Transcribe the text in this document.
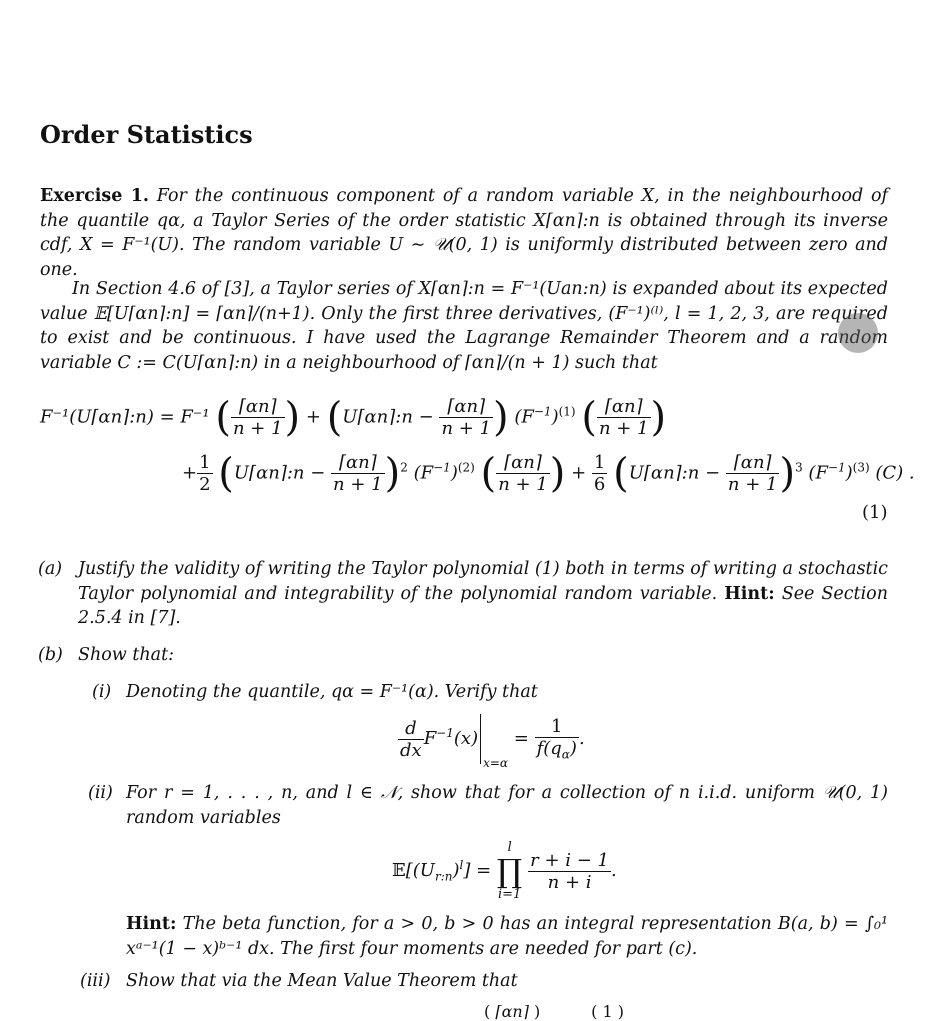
Order Statistics
Exercise 1. For the continuous component of a random variable X, in the neighbourhood of the quantile qα, a Taylor Series of the order statistic X⌈αn⌉:n is obtained through its inverse cdf, X = F⁻¹(U). The random variable U ∼ 𝒰(0, 1) is uniformly distributed between zero and one.
In Section 4.6 of [3], a Taylor series of X⌈αn⌉:n = F⁻¹(Uan:n) is expanded about its expected value 𝔼[U⌈αn⌉:n] = ⌈αn⌉/(n+1). Only the first three derivatives, (F⁻¹)⁽ˡ⁾, l = 1, 2, 3, are required to exist and be continuous. I have used the Lagrange Remainder Theorem and a random variable C := C(U⌈αn⌉:n) in a neighbourhood of ⌈αn⌉/(n + 1) such that
F⁻¹(U⌈αn⌉:n) = F⁻¹ ( $\frac{⌈\alpha n⌉}{n + 1}$ ) + (U⌈αn⌉:n − $\frac{⌈\alpha n⌉}{n + 1}$ ) $(F^{-1})^{(1)}$ ( $\frac{⌈\alpha n⌉}{n + 1}$ )
+ $\frac{1}{2}$ (U⌈αn⌉:n − $\frac{⌈\alpha n⌉}{n + 1} )^2$ $(F^{-1})^{(2)}$ ( $\frac{⌈\alpha n⌉}{n + 1}$ ) + $\frac{1}{6}$ (U⌈αn⌉:n − $\frac{⌈\alpha n⌉}{n + 1} )^3$ $(F^{-1})^{(3)}$ (C) .
(1)
(a) Justify the validity of writing the Taylor polynomial (1) both in terms of writing a stochastic Taylor polynomial and integrability of the polynomial random variable. Hint: See Section 2.5.4 in [7].
(b) Show that:
(i) Denoting the quantile, qα = F⁻¹(α). Verify that
$\frac{d}{dx} F^{-1}(x)_{x=\alpha} = \frac{1}{f(q_\alpha)}$ .
(ii) For r = 1, . . . , n, and l ∈ 𝒩, show that for a collection of n i.i.d. uniform 𝒰(0, 1) random variables
$𝔼[(U_{r:n})^l]$ =
l
∏
i=1

$\frac{r + i - 1}{n + i}$ .
Hint: The beta function, for a > 0, b > 0 has an integral representation B(a, b) = ∫₀¹ xᵃ⁻¹(1 − x)ᵇ⁻¹ dx. The first four moments are needed for part (c).
(iii) Show that via the Mean Value Theorem that
( ⌈αn⌉ )	( 1 )
